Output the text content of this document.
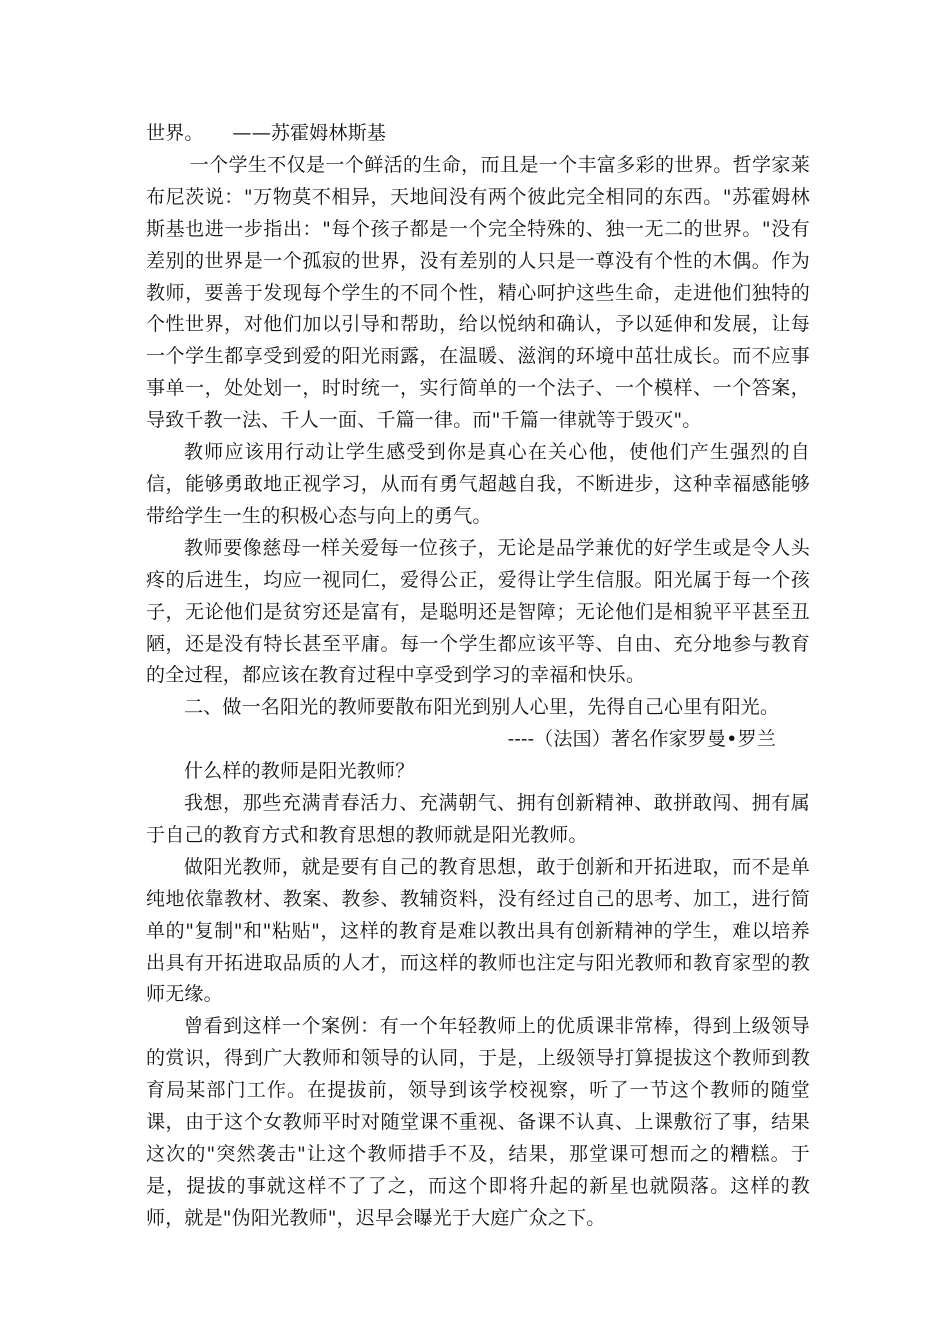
世界。　　——苏霍姆林斯基

一个学生不仅是一个鲜活的生命，而且是一个丰富多彩的世界。哲学家莱布尼茨说："万物莫不相异，天地间没有两个彼此完全相同的东西。"苏霍姆林斯基也进一步指出："每个孩子都是一个完全特殊的、独一无二的世界。"没有差别的世界是一个孤寂的世界，没有差别的人只是一尊没有个性的木偶。作为教师，要善于发现每个学生的不同个性，精心呵护这些生命，走进他们独特的个性世界，对他们加以引导和帮助，给以悦纳和确认，予以延伸和发展，让每一个学生都享受到爱的阳光雨露，在温暖、滋润的环境中茁壮成长。而不应事事单一，处处划一，时时统一，实行简单的一个法子、一个模样、一个答案，导致千教一法、千人一面、千篇一律。而"千篇一律就等于毁灭"。

教师应该用行动让学生感受到你是真心在关心他，使他们产生强烈的自信，能够勇敢地正视学习，从而有勇气超越自我，不断进步，这种幸福感能够带给学生一生的积极心态与向上的勇气。

教师要像慈母一样关爱每一位孩子，无论是品学兼优的好学生或是令人头疼的后进生，均应一视同仁，爱得公正，爱得让学生信服。阳光属于每一个孩子，无论他们是贫穷还是富有，是聪明还是智障；无论他们是相貌平平甚至丑陋，还是没有特长甚至平庸。每一个学生都应该平等、自由、充分地参与教育的全过程，都应该在教育过程中享受到学习的幸福和快乐。

二、做一名阳光的教师要散布阳光到别人心里，先得自己心里有阳光。

----（法国）著名作家罗曼•罗兰

什么样的教师是阳光教师？

我想，那些充满青春活力、充满朝气、拥有创新精神、敢拼敢闯、拥有属于自己的教育方式和教育思想的教师就是阳光教师。

做阳光教师，就是要有自己的教育思想，敢于创新和开拓进取，而不是单纯地依靠教材、教案、教参、教辅资料，没有经过自己的思考、加工，进行简单的"复制"和"粘贴"，这样的教育是难以教出具有创新精神的学生，难以培养出具有开拓进取品质的人才，而这样的教师也注定与阳光教师和教育家型的教师无缘。

曾看到这样一个案例：有一个年轻教师上的优质课非常棒，得到上级领导的赏识，得到广大教师和领导的认同，于是，上级领导打算提拔这个教师到教育局某部门工作。在提拔前，领导到该学校视察，听了一节这个教师的随堂课，由于这个女教师平时对随堂课不重视、备课不认真、上课敷衍了事，结果这次的"突然袭击"让这个教师措手不及，结果，那堂课可想而之的糟糕。于是，提拔的事就这样不了了之，而这个即将升起的新星也就陨落。这样的教师，就是"伪阳光教师"，迟早会曝光于大庭广众之下。
